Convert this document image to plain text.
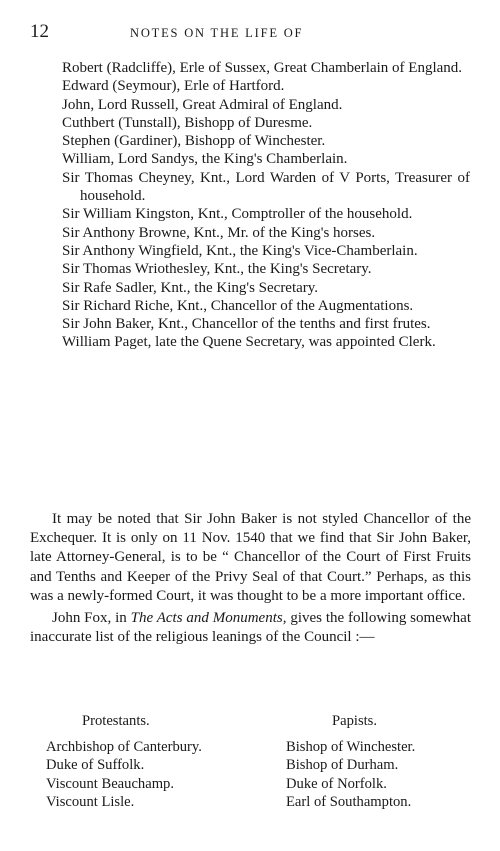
12	NOTES ON THE LIFE OF
Robert (Radcliffe), Erle of Sussex, Great Chamberlain of England.
Edward (Seymour), Erle of Hartford.
John, Lord Russell, Great Admiral of England.
Cuthbert (Tunstall), Bishopp of Duresme.
Stephen (Gardiner), Bishopp of Winchester.
William, Lord Sandys, the King's Chamberlain.
Sir Thomas Cheyney, Knt., Lord Warden of V Ports, Treasurer of household.
Sir William Kingston, Knt., Comptroller of the household.
Sir Anthony Browne, Knt., Mr. of the King's horses.
Sir Anthony Wingfield, Knt., the King's Vice-Chamberlain.
Sir Thomas Wriothesley, Knt., the King's Secretary.
Sir Rafe Sadler, Knt., the King's Secretary.
Sir Richard Riche, Knt., Chancellor of the Augmentations.
Sir John Baker, Knt., Chancellor of the tenths and first frutes.
William Paget, late the Quene Secretary, was appointed Clerk.

It may be noted that Sir John Baker is not styled Chancellor of the Exchequer. It is only on 11 Nov. 1540 that we find that Sir John Baker, late Attorney-General, is to be “ Chancellor of the Court of First Fruits and Tenths and Keeper of the Privy Seal of that Court.” Perhaps, as this was a newly-formed Court, it was thought to be a more important office.

John Fox, in The Acts and Monuments, gives the following somewhat inaccurate list of the religious leanings of the Council :—

Protestants.
Archbishop of Canterbury.
Duke of Suffolk.
Viscount Beauchamp.
Viscount Lisle.
Papists.
Bishop of Winchester.
Bishop of Durham.
Duke of Norfolk.
Earl of Southampton.
